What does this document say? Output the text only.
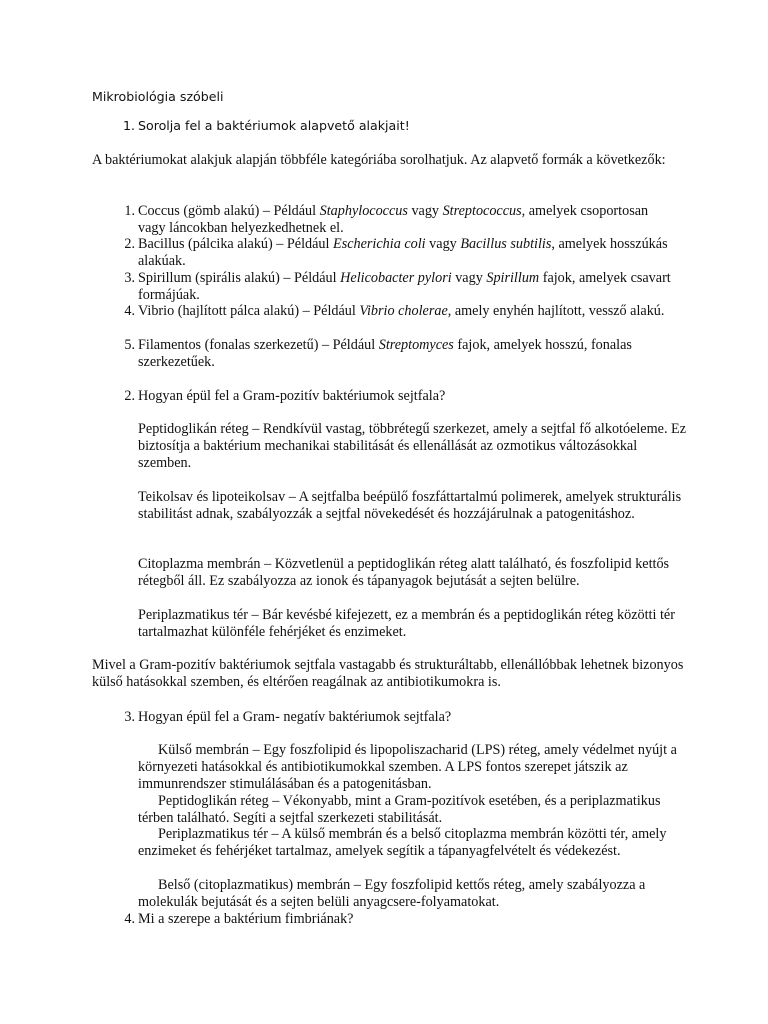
Mikrobiológia szóbeli
1. Sorolja fel a baktériumok alapvető alakjait!

A baktériumokat alakjuk alapján többféle kategóriába sorolhatjuk. Az alapvető formák a következők:

1. Coccus (gömb alakú) – Például Staphylococcus vagy Streptococcus, amelyek csoportosan vagy láncokban helyezkedhetnek el.

2. Bacillus (pálcika alakú) – Például Escherichia coli vagy Bacillus subtilis, amelyek hosszúkás alakúak.

3. Spirillum (spirális alakú) – Például Helicobacter pylori vagy Spirillum fajok, amelyek csavart formájúak.

4. Vibrio (hajlított pálca alakú) – Például Vibrio cholerae, amely enyhén hajlított, vessző alakú.

5. Filamentos (fonalas szerkezetű) – Például Streptomyces fajok, amelyek hosszú, fonalas szerkezetűek.

2. Hogyan épül fel a Gram-pozitív baktériumok sejtfala?

Peptidoglikán réteg – Rendkívül vastag, többrétegű szerkezet, amely a sejtfal fő alkotóeleme. Ez biztosítja a baktérium mechanikai stabilitását és ellenállását az ozmotikus változásokkal szemben.

Teikolsav és lipoteikolsav – A sejtfalba beépülő foszfáttartalmú polimerek, amelyek strukturális stabilitást adnak, szabályozzák a sejtfal növekedését és hozzájárulnak a patogenitáshoz.

Citoplazma membrán – Közvetlenül a peptidoglikán réteg alatt található, és foszfolipid kettős rétegből áll. Ez szabályozza az ionok és tápanyagok bejutását a sejten belülre.

Periplazmatikus tér – Bár kevésbé kifejezett, ez a membrán és a peptidoglikán réteg közötti tér tartalmazhat különféle fehérjéket és enzimeket.

Mivel a Gram-pozitív baktériumok sejtfala vastagabb és strukturáltabb, ellenállóbbak lehetnek bizonyos külső hatásokkal szemben, és eltérően reagálnak az antibiotikumokra is.

3. Hogyan épül fel a Gram- negatív baktériumok sejtfala?

Külső membrán – Egy foszfolipid és lipopoliszacharid (LPS) réteg, amely védelmet nyújt a környezeti hatásokkal és antibiotikumokkal szemben. A LPS fontos szerepet játszik az immunrendszer stimulálásában és a patogenitásban.

Peptidoglikán réteg – Vékonyabb, mint a Gram-pozitívok esetében, és a periplazmatikus térben található. Segíti a sejtfal szerkezeti stabilitását.

Periplazmatikus tér – A külső membrán és a belső citoplazma membrán közötti tér, amely enzimeket és fehérjéket tartalmaz, amelyek segítik a tápanyagfelvételt és védekezést.

Belső (citoplazmatikus) membrán – Egy foszfolipid kettős réteg, amely szabályozza a molekulák bejutását és a sejten belüli anyagcsere-folyamatokat.

4. Mi a szerepe a baktérium fimbriának?
